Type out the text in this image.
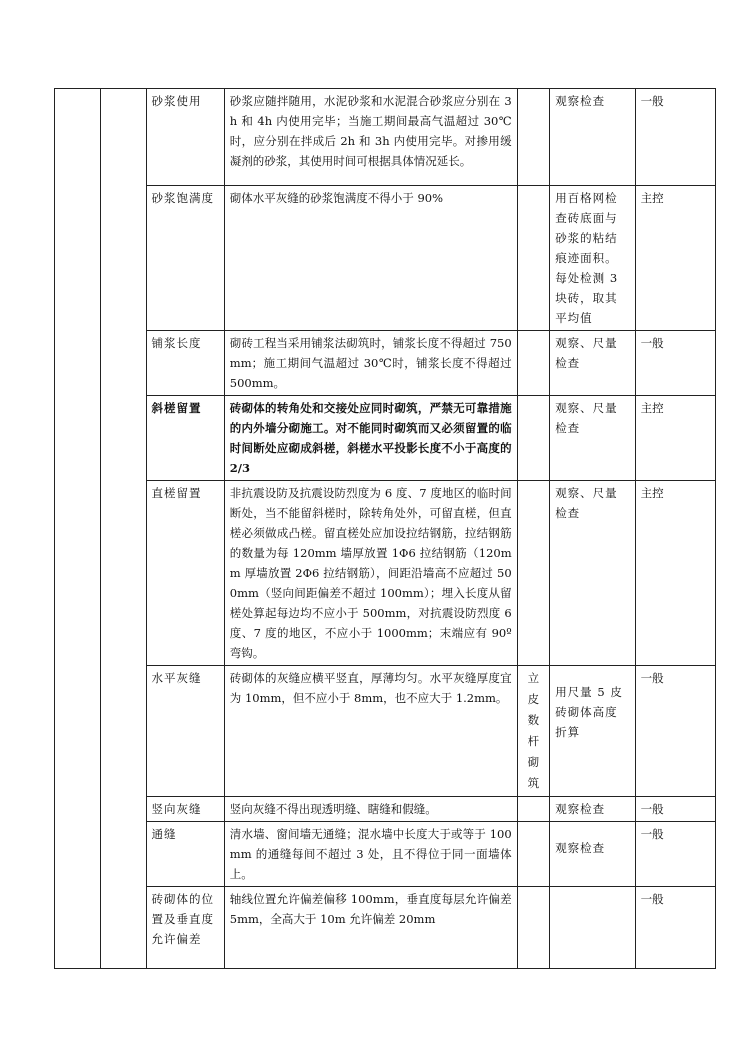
		砂浆使用	砂浆应随拌随用，水泥砂浆和水泥混合砂浆应分别在 3h 和 4h 内使用完毕；当施工期间最高气温超过 30℃时，应分别在拌成后 2h 和 3h 内使用完毕。对掺用缓凝剂的砂浆，其使用时间可根据具体情况延长。		观察检查	一般
		砂浆饱满度	砌体水平灰缝的砂浆饱满度不得小于 90%		用百格网检查砖底面与砂浆的粘结痕迹面积。每处检测 3 块砖，取其平均值	主控
		铺浆长度	砌砖工程当采用铺浆法砌筑时，铺浆长度不得超过 750mm；施工期间气温超过 30℃时，铺浆长度不得超过 500mm。		观察、尺量检查	一般
		斜槎留置	砖砌体的转角处和交接处应同时砌筑，严禁无可靠措施的内外墙分砌施工。对不能同时砌筑而又必须留置的临时间断处应砌成斜槎，斜槎水平投影长度不小于高度的 2/3		观察、尺量检查	主控
		直槎留置	非抗震设防及抗震设防烈度为 6 度、7 度地区的临时间断处，当不能留斜槎时，除转角处外，可留直槎，但直槎必须做成凸槎。留直槎处应加设拉结钢筋，拉结钢筋的数量为每 120mm 墙厚放置 1Φ6 拉结钢筋（120mm 厚墙放置 2Φ6 拉结钢筋），间距沿墙高不应超过 500mm（竖向间距偏差不超过 100mm）；埋入长度从留槎处算起每边均不应小于 500mm，对抗震设防烈度 6 度、7 度的地区，不应小于 1000mm；末端应有 90º 弯钩。		观察、尺量检查	主控
		水平灰缝	砖砌体的灰缝应横平竖直，厚薄均匀。水平灰缝厚度宜为 10mm，但不应小于 8mm，也不应大于 1.2mm。	立皮数杆砌筑	用尺量 5 皮砖砌体高度折算	一般
		竖向灰缝	竖向灰缝不得出现透明缝、瞎缝和假缝。		观察检查	一般
		通缝	清水墙、窗间墙无通缝；混水墙中长度大于或等于 100mm 的通缝每间不超过 3 处，且不得位于同一面墙体上。		观察检查	一般
		砖砌体的位置及垂直度允许偏差	轴线位置允许偏差偏移 100mm，垂直度每层允许偏差 5mm，全高大于 10m 允许偏差 20mm			一般
